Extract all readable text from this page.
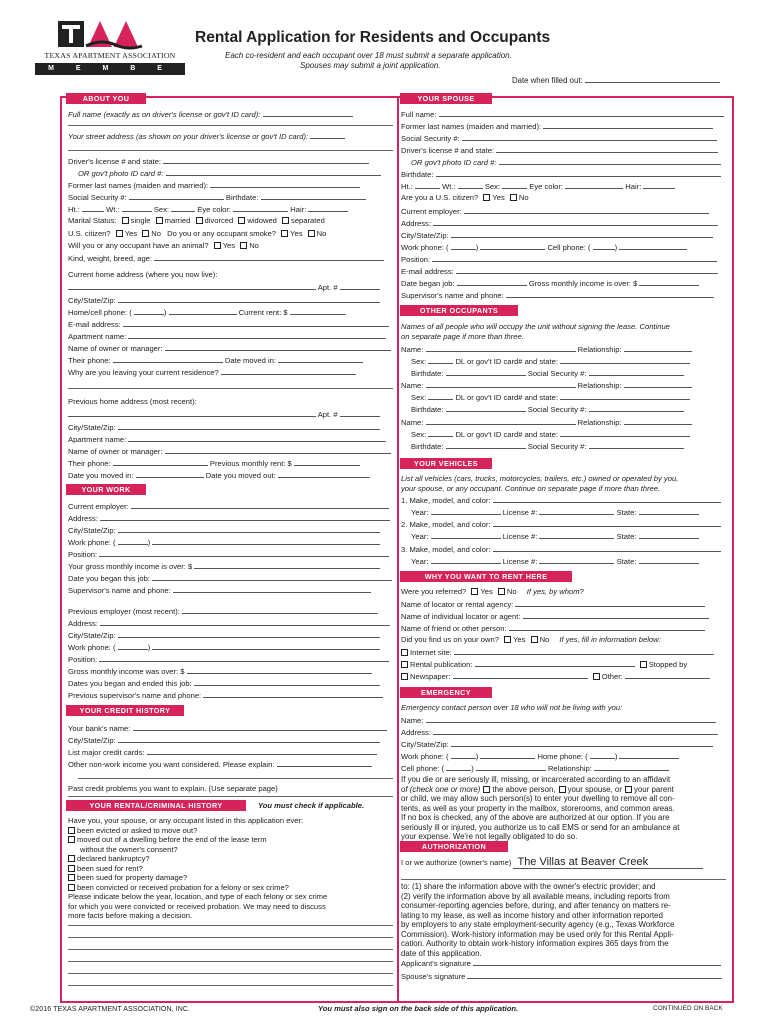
TEXAS APARTMENT ASSOCIATION
M E M B E R
Rental Application for Residents and Occupants
Each co-resident and each occupant over 18 must submit a separate application.
Spouses may submit a joint application.
Date when filled out:
ABOUT YOU
Full name (exactly as on driver's license or gov't ID card):
Your street address (as shown on your driver's license or gov't ID card):
Driver's license # and state:
OR gov't photo ID card #:
Former last names (maiden and married):
Social Security #:	Birthdate:
Ht.:	Wt.:	Sex:	Eye color:	Hair:
Marital Status: single married divorced widowed separated
U.S. citizen? Yes No Do you or any occupant smoke? Yes No
Will you or any occupant have an animal? Yes No
Kind, weight, breed, age:
Current home address (where you now live):
Apt. #
City/State/Zip:
Home/cell phone: (	)	Current rent: $
E-mail address:
Apartment name:
Name of owner or manager:
Their phone:	Date moved in:
Why are you leaving your current residence?
Previous home address (most recent):
Apt. #
City/State/Zip:
Apartment name:
Name of owner or manager:
Their phone:	Previous monthly rent: $
Date you moved in:	Date you moved out:
YOUR WORK
Current employer:
Address:
City/State/Zip:
Work phone: (	)
Position:
Your gross monthly income is over: $
Date you began this job:
Supervisor's name and phone:
Previous employer (most recent):
Address:
City/State/Zip:
Work phone: (	)
Position:
Gross monthly income was over: $
Dates you began and ended this job:
Previous supervisor's name and phone:
YOUR CREDIT HISTORY
Your bank's name:
City/State/Zip:
List major credit cards:
Other non-work income you want considered. Please explain:
Past credit problems you want to explain. (Use separate page)
YOUR RENTAL/CRIMINAL HISTORY	You must check if applicable.
Have you, your spouse, or any occupant listed in this application ever:
been evicted or asked to move out?
moved out of a dwelling before the end of the lease term
without the owner's consent?
declared bankruptcy?
been sued for rent?
been sued for property damage?
been convicted or received probation for a felony or sex crime?
Please indicate below the year, location, and type of each felony or sex crime
for which you were convicted or received probation. We may need to discuss
more facts before making a decision.
YOUR SPOUSE
Full name:
Former last names (maiden and married):
Social Security #:
Driver's license # and state:
OR gov't photo ID card #:
Birthdate:
Ht.:	Wt.:	Sex:	Eye color:	Hair:
Are you a U.S. citizen? Yes No
Current employer:
Address:
City/State/Zip:
Work phone: (	)	Cell phone: (	)
Position:
E-mail address:
Date began job:	Gross monthly income is over: $
Supervisor's name and phone:
OTHER OCCUPANTS
Names of all people who will occupy the unit without signing the lease. Continue
on separate page if more than three.
Name:	Relationship:
Sex:	DL or gov't ID card# and state:
Birthdate:	Social Security #:
Name:	Relationship:
Sex:	DL or gov't ID card# and state:
Birthdate:	Social Security #:
Name:	Relationship:
Sex:	DL or gov't ID card# and state:
Birthdate:	Social Security #:
YOUR VEHICLES
List all vehicles (cars, trucks, motorcycles, trailers, etc.) owned or operated by you,
your spouse, or any occupant. Continue on separate page if more than three.
1. Make, model, and color:
Year:	License #:	State:
2. Make, model, and color:
Year:	License #:	State:
3. Make, model, and color:
Year:	License #:	State:
WHY YOU WANT TO RENT HERE
Were you referred? Yes No If yes, by whom?
Name of locator or rental agency:
Name of individual locator or agent:
Name of friend or other person:
Did you find us on your own? Yes No If yes, fill in information below:
Internet site:
Rental publication:	Stopped by
Newspaper:	Other:
EMERGENCY
Emergency contact person over 18 who will not be living with you:
Name:
Address:
City/State/Zip:
Work phone: (	)	Home phone: (	)
Cell phone: (	)	Relationship:
If you die or are seriously ill, missing, or incarcerated according to an affidavit
of (check one or more) the above person, your spouse, or your parent
or child, we may allow such person(s) to enter your dwelling to remove all con-
tents, as well as your property in the mailbox, storerooms, and common areas.
If no box is checked, any of the above are authorized at our option. If you are
seriously ill or injured, you authorize us to call EMS or send for an ambulance at
your expense. We're not legally obligated to do so.
AUTHORIZATION
I or we authorize (owner's name) The Villas at Beaver Creek
to: (1) share the information above with the owner's electric provider; and
(2) verify the information above by all available means, including reports from
consumer-reporting agencies before, during, and after tenancy on matters re-
lating to my lease, as well as income history and other information reported
by employers to any state employment-security agency (e.g., Texas Workforce
Commission). Work-history information may be used only for this Rental Appli-
cation. Authority to obtain work-history information expires 365 days from the
date of this application.
Applicant's signature
Spouse's signature
©2016 TEXAS APARTMENT ASSOCIATION, INC.	You must also sign on the back side of this application.	CONTINUED ON BACK
